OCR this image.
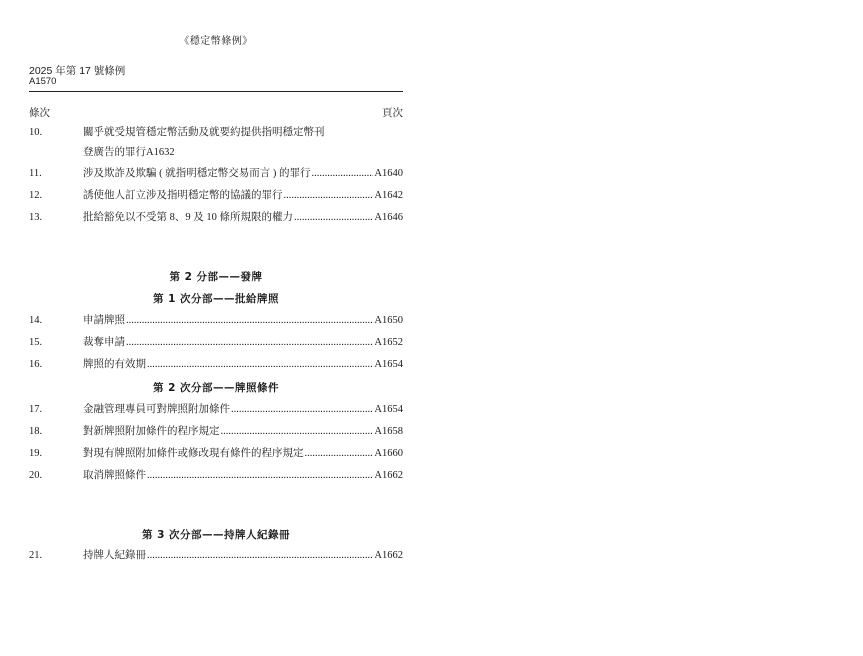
《穩定幣條例》
2025 年第 17 號條例
A1570
條次	頁次
10.	關乎就受規管穩定幣活動及就要約提供指明穩定幣刊
登廣告的罪行 A1632
11.	涉及欺詐及欺騙 ( 就指明穩定幣交易而言 ) 的罪行 .....	A1640
12.	誘使他人訂立涉及指明穩定幣的協議的罪行 .....	A1642
13.	批給豁免以不受第 8、9 及 10 條所規限的權力 .....	A1646
第 2 分部——發牌
第 1 次分部——批給牌照
14.	申請牌照 .....	A1650
15.	裁奪申請 .....	A1652
16.	牌照的有效期 .....	A1654
第 2 次分部——牌照條件
17.	金融管理專員可對牌照附加條件 .....	A1654
18.	對新牌照附加條件的程序規定 .....	A1658
19.	對現有牌照附加條件或修改現有條件的程序規定 .....	A1660
20.	取消牌照條件 .....	A1662
第 3 次分部——持牌人紀錄冊
21.	持牌人紀錄冊 .....	A1662
